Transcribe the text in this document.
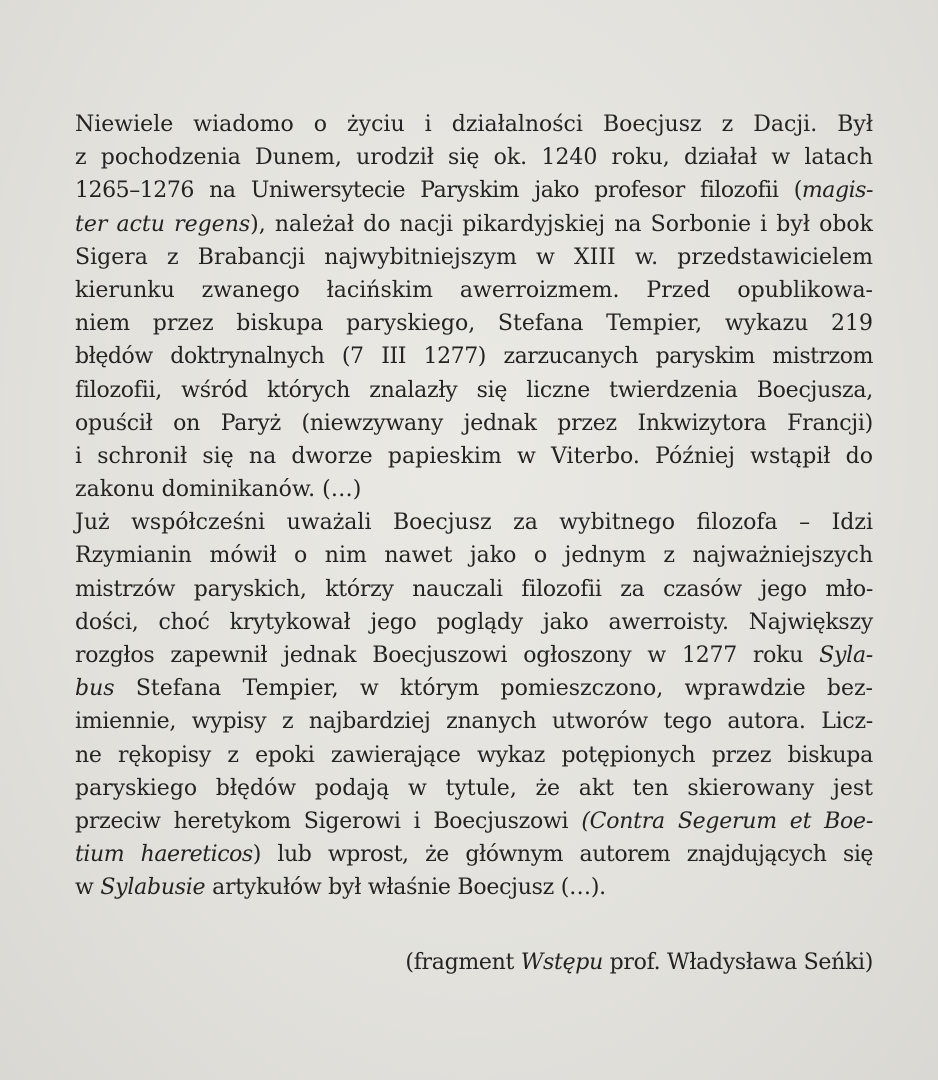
Niewiele wiadomo o życiu i działalności Boecjusz z Dacji. Był
z pochodzenia Dunem, urodził się ok. 1240 roku, działał w latach
1265–1276 na Uniwersytecie Paryskim jako profesor filozofii (magis-
ter actu regens), należał do nacji pikardyjskiej na Sorbonie i był obok
Sigera z Brabancji najwybitniejszym w XIII w. przedstawicielem
kierunku zwanego łacińskim awerroizmem. Przed opublikowa-
niem przez biskupa paryskiego, Stefana Tempier, wykazu 219
błędów doktrynalnych (7 III 1277) zarzucanych paryskim mistrzom
filozofii, wśród których znalazły się liczne twierdzenia Boecjusza,
opuścił on Paryż (niewzywany jednak przez Inkwizytora Francji)
i schronił się na dworze papieskim w Viterbo. Później wstąpił do
zakonu dominikanów. (…)
Już współcześni uważali Boecjusz za wybitnego filozofa – Idzi
Rzymianin mówił o nim nawet jako o jednym z najważniejszych
mistrzów paryskich, którzy nauczali filozofii za czasów jego mło-
dości, choć krytykował jego poglądy jako awerroisty. Największy
rozgłos zapewnił jednak Boecjuszowi ogłoszony w 1277 roku Syla-
bus Stefana Tempier, w którym pomieszczono, wprawdzie bez-
imiennie, wypisy z najbardziej znanych utworów tego autora. Licz-
ne rękopisy z epoki zawierające wykaz potępionych przez biskupa
paryskiego błędów podają w tytule, że akt ten skierowany jest
przeciw heretykom Sigerowi i Boecjuszowi (Contra Segerum et Boe-
tium haereticos) lub wprost, że głównym autorem znajdujących się
w Sylabusie artykułów był właśnie Boecjusz (…).
(fragment Wstępu prof. Władysława Seńki)
